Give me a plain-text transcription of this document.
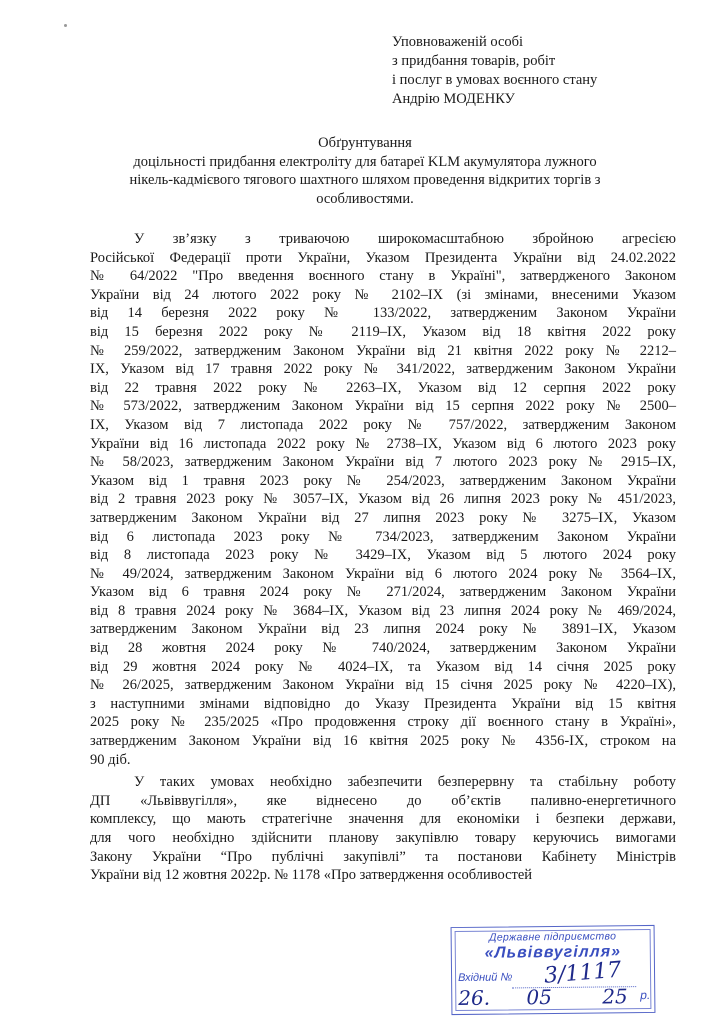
Уповноваженій особі
з придбання товарів, робіт
і послуг в умовах воєнного стану
Андрію МОДЕНКУ
Обґрунтування
доцільності придбання електроліту для батареї KLM акумулятора лужного
нікель-кадмієвого тягового шахтного шляхом проведення відкритих торгів з
особливостями.
У зв’язку з триваючою широкомасштабною збройною агресією
Російської Федерації проти України, Указом Президента України від 24.02.2022
№ 64/2022 "Про введення воєнного стану в Україні", затвердженого Законом
України від 24 лютого 2022 року № 2102–IX (зі змінами, внесеними Указом
від 14 березня 2022 року № 133/2022, затвердженим Законом України
від 15 березня 2022 року № 2119–IX, Указом від 18 квітня 2022 року
№ 259/2022, затвердженим Законом України від 21 квітня 2022 року № 2212–
IX, Указом від 17 травня 2022 року № 341/2022, затвердженим Законом України
від 22 травня 2022 року № 2263–IX, Указом від 12 серпня 2022 року
№ 573/2022, затвердженим Законом України від 15 серпня 2022 року № 2500–
IX, Указом від 7 листопада 2022 року № 757/2022, затвердженим Законом
України від 16 листопада 2022 року № 2738–IX, Указом від 6 лютого 2023 року
№ 58/2023, затвердженим Законом України від 7 лютого 2023 року № 2915–IX,
Указом від 1 травня 2023 року № 254/2023, затвердженим Законом України
від 2 травня 2023 року № 3057–IX, Указом від 26 липня 2023 року № 451/2023,
затвердженим Законом України від 27 липня 2023 року № 3275–IX, Указом
від 6 листопада 2023 року № 734/2023, затвердженим Законом України
від 8 листопада 2023 року № 3429–IX, Указом від 5 лютого 2024 року
№ 49/2024, затвердженим Законом України від 6 лютого 2024 року № 3564–IX,
Указом від 6 травня 2024 року № 271/2024, затвердженим Законом України
від 8 травня 2024 року № 3684–IX, Указом від 23 липня 2024 року № 469/2024,
затвердженим Законом України від 23 липня 2024 року № 3891–IX, Указом
від 28 жовтня 2024 року № 740/2024, затвердженим Законом України
від 29 жовтня 2024 року № 4024–IX, та Указом від 14 січня 2025 року
№ 26/2025, затвердженим Законом України від 15 січня 2025 року № 4220–IX),
з наступними змінами відповідно до Указу Президента України від 15 квітня
2025 року № 235/2025 «Про продовження строку дії воєнного стану в Україні»,
затвердженим Законом України від 16 квітня 2025 року № 4356-IX, строком на
90 діб.
У таких умовах необхідно забезпечити безперервну та стабільну роботу
ДП «Львіввугілля», яке віднесено до об’єктів паливно-енергетичного
комплексу, що мають стратегічне значення для економіки і безпеки держави,
для чого необхідно здійснити планову закупівлю товару керуючись вимогами
Закону України “Про публічні закупівлі” та постанови Кабінету Міністрів
України від 12 жовтня 2022р. № 1178 «Про затвердження особливостей
Державне підприємство
«Львіввугілля»
Вхідний № 3/1117
26. 05	25 р.
